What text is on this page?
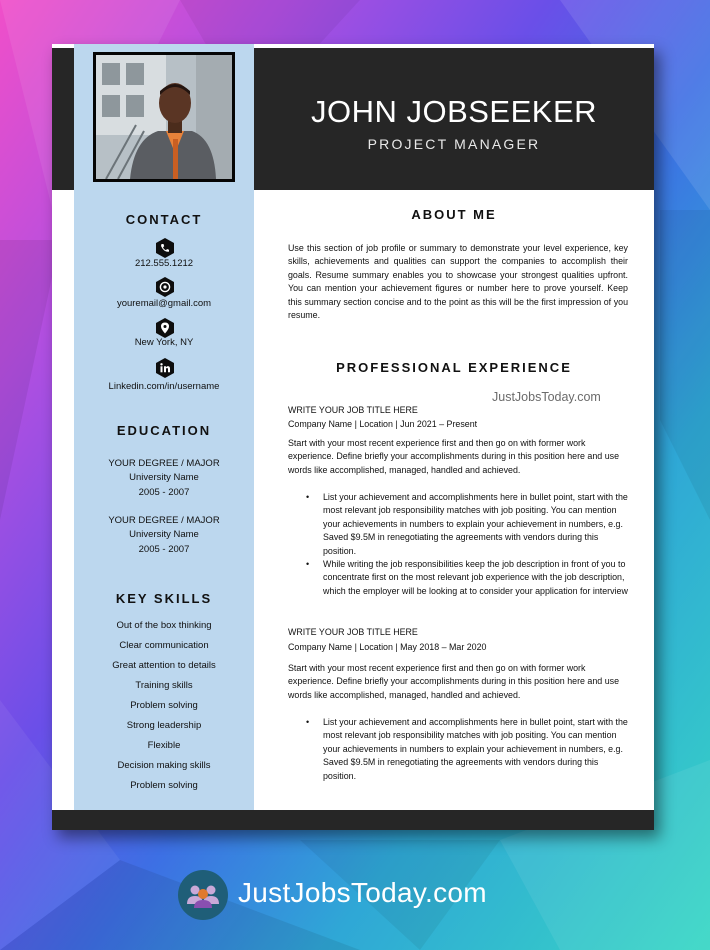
JOHN JOBSEEKER
PROJECT MANAGER
CONTACT
212.555.1212
youremail@gmail.com
New York, NY
Linkedin.com/in/username
EDUCATION
YOUR DEGREE / MAJOR
University Name
2005 - 2007
YOUR DEGREE / MAJOR
University Name
2005 - 2007
KEY SKILLS
Out of the box thinking
Clear communication
Great attention to details
Training skills
Problem solving
Strong leadership
Flexible
Decision making skills
Problem solving
ABOUT ME
Use this section of job profile or summary to demonstrate your level experience, key skills, achievements and qualities can support the companies to accomplish their goals. Resume summary enables you to showcase your strongest qualities upfront. You can mention your achievement figures or number here to prove yourself. Keep this summary section concise and to the point as this will be the first impression of you resume.
PROFESSIONAL EXPERIENCE
JustJobsToday.com
WRITE YOUR JOB TITLE HERE
Company Name | Location | Jun 2021 – Present
Start with your most recent experience first and then go on with former work experience. Define briefly your accomplishments during in this position here and use words like accomplished, managed, handled and achieved.
• List your achievement and accomplishments here in bullet point, start with the most relevant job responsibility matches with job positing. You can mention your achievements in numbers to explain your achievement in numbers, e.g. Saved $9.5M in renegotiating the agreements with vendors during this position.
• While writing the job responsibilities keep the job description in front of you to concentrate first on the most relevant job experience with the job description, which the employer will be looking at to consider your application for interview
WRITE YOUR JOB TITLE HERE
Company Name | Location | May 2018 – Mar 2020
Start with your most recent experience first and then go on with former work experience. Define briefly your accomplishments during in this position here and use words like accomplished, managed, handled and achieved.
• List your achievement and accomplishments here in bullet point, start with the most relevant job responsibility matches with job positing. You can mention your achievements in numbers to explain your achievement in numbers, e.g. Saved $9.5M in renegotiating the agreements with vendors during this position.
JustJobsToday.com
